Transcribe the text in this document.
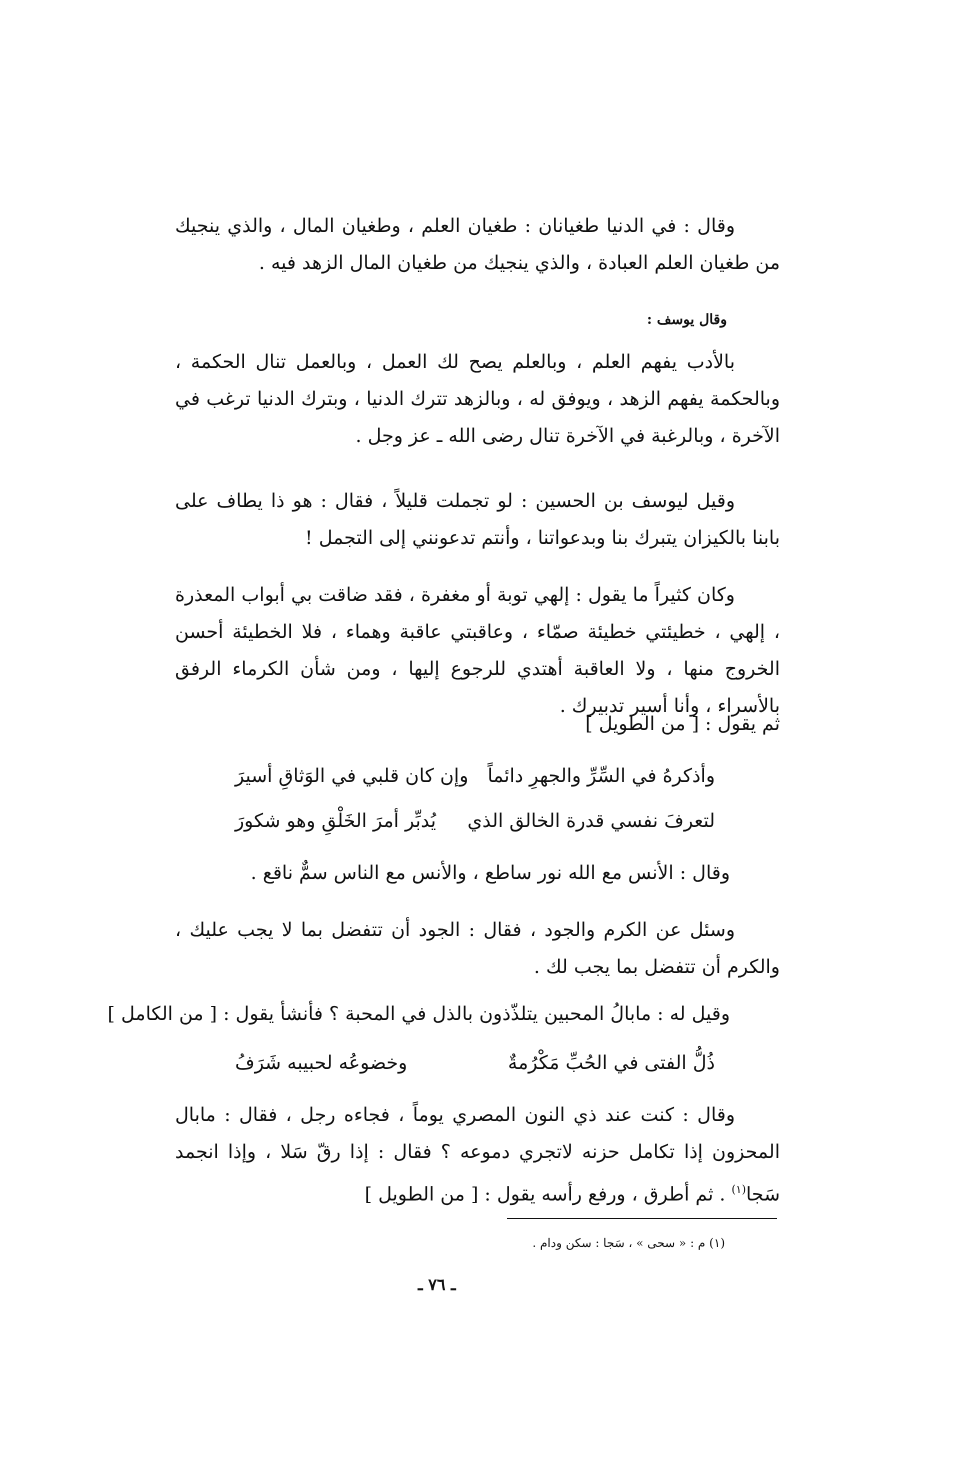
وقال : في الدنيا طغيانان : طغيان العلم ، وطغيان المال ، والذي ينجيك من طغيان العلم العبادة ، والذي ينجيك من طغيان المال الزهد فيه .
وقال يوسف :
بالأدب يفهم العلم ، وبالعلم يصح لك العمل ، وبالعمل تنال الحكمة ، وبالحكمة يفهم الزهد ، ويوفق له ، وبالزهد تترك الدنيا ، وبترك الدنيا ترغب في الآخرة ، وبالرغبة في الآخرة تنال رضى الله ـ عز وجل .
وقيل ليوسف بن الحسين : لو تجملت قليلاً ، فقال : هو ذا يطاف على بابنا بالكيزان يتبرك بنا وبدعواتنا ، وأنتم تدعونني إلى التجمل !
وكان كثيراً ما يقول : إلهي توبة أو مغفرة ، فقد ضاقت بي أبواب المعذرة ، إلهي ، خطيئتي خطيئة صمّاء ، وعاقبتي عاقبة وهماء ، فلا الخطيئة أحسن الخروج منها ، ولا العاقبة أهتدي للرجوع إليها ، ومن شأن الكرماء الرفق بالأسراء ، وأنا أسير تدبيرك .
ثم يقول : [ من الطويل ]
وأذكرهُ في السِّرِّ والجهرِ دائماً
وإن كان قلبي في الوَثاقِ أسيرَ
لتعرفَ نفسي قدرة الخالق الذي
يُدبِّر أمرَ الخَلْقِ وهو شكورَ
وقال : الأنس مع الله نور ساطع ، والأنس مع الناس سمٌّ ناقع .
وسئل عن الكرم والجود ، فقال : الجود أن تتفضل بما لا يجب عليك ، والكرم أن تتفضل بما يجب لك .
وقيل له : مابالُ المحبين يتلذّذون بالذل في المحبة ؟ فأنشأ يقول : [ من الكامل ]
ذُلُّ الفتى في الحُبِّ مَكْرُمةٌ
وخضوعُه لحبيبه شَرَفُ
وقال : كنت عند ذي النون المصري يوماً ، فجاءه رجل ، فقال : مابال المحزون إذا تكامل حزنه لاتجري دموعه ؟ فقال : إذا رقّ سَلا ، وإذا انجمد سَجا$^{(١)}$ . ثم أطرق ، ورفع رأسه يقول : [ من الطويل ]
(١) م : « سحى » ، سَجا : سكن ودام .
ـ ٧٦ ـ
